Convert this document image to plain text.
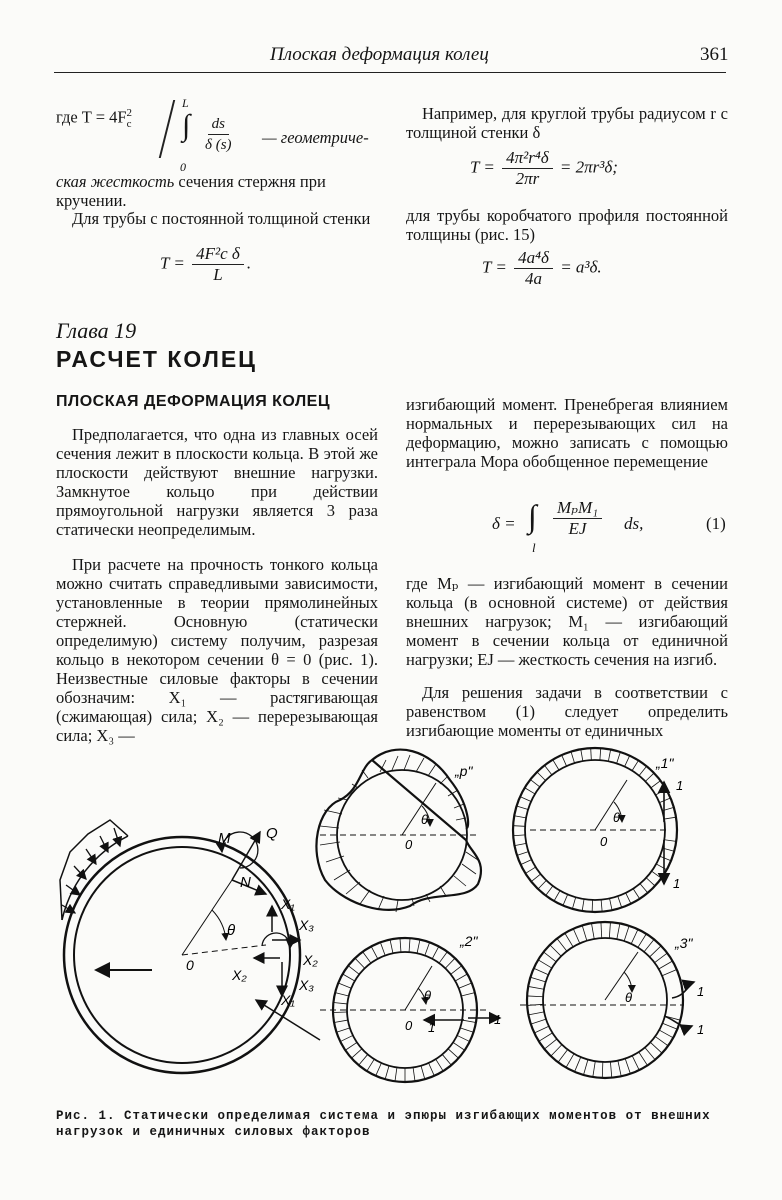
Плоская деформация колец	361
где $T = 4F_c^2$	∫
L
0
$\frac{ds}{\delta (s)}$ — геометриче-
ская жесткость сечения стержня при кручении.
Для трубы с постоянной толщиной стенки
$T = \frac{\text{4F²c δ}}{L}$ .
Например, для круглой трубы радиусом r с толщиной стенки δ
$T = \frac{\text{4π²r⁴δ}}{2\pi r} = 2\pi r^3\delta$;
для трубы коробчатого профиля постоянной толщины (рис. 15)
$T = \frac{\text{4a⁴δ}}{4a} = a^3\delta$.
Глава 19
РАСЧЕТ КОЛЕЦ
ПЛОСКАЯ ДЕФОРМАЦИЯ КОЛЕЦ
Предполагается, что одна из главных осей сечения лежит в плоскости кольца. В этой же плоскости действуют внешние нагрузки. Замкнутое кольцо при действии прямоугольной нагрузки является 3 раза статически неопределимым.
При расчете на прочность тонкого кольца можно считать справедливыми зависимости, установленные в теории прямолинейных стержней. Основную (статически определимую) систему получим, разрезая кольцо в некотором сечении θ = 0 (рис. 1). Неизвестные силовые факторы в сечении обозначим: X₁ — растягивающая (сжимающая) сила; X₂ — перерезывающая сила; X₃ —
изгибающий момент. Пренебрегая влиянием нормальных и перерезывающих сил на деформацию, можно записать с помощью интеграла Мора обобщенное перемещение
δ = ∫
l
MₚM₁
EJ ds,	(1)
где Mₚ — изгибающий момент в сечении кольца (в основной системе) от действия внешних нагрузок; M₁ — изгибающий момент в сечении кольца от единичной нагрузки; EJ — жесткость сечения на изгиб.
Для решения задачи в соответствии с равенством (1) следует определить изгибающие моменты от единичных
M Q
N
θ
0
X₁
X₃
X₂
X₂
X₃
X₁
„p"
θ
0
„1"
θ
0
1
1
„2"
θ
0 1
1
„3"
θ	1
1
Рис. 1. Статически определимая система и эпюры изгибающих моментов от внешних нагрузок и единичных силовых факторов
